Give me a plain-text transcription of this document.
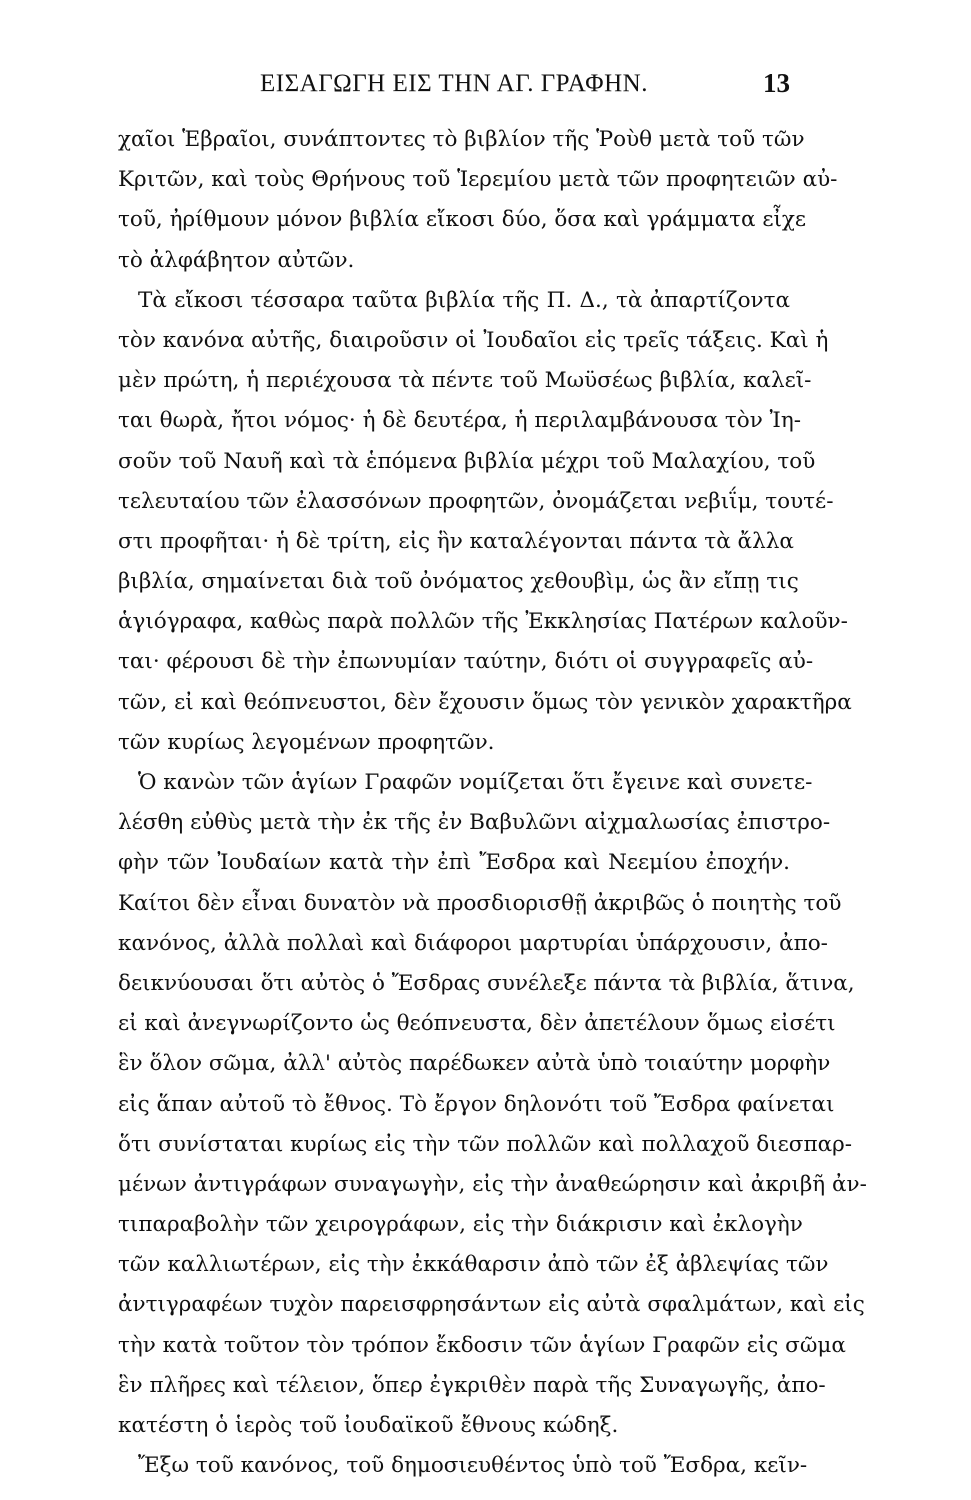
ΕΙΣΑΓΩΓΗ ΕΙΣ ΤΗΝ ΑΓ. ΓΡΑΦΗΝ.	13
χαῖοι Ἑβραῖοι, συνάπτοντες τὸ βιβλίον τῆς Ῥοὺθ μετὰ τοῦ τῶν
Κριτῶν, καὶ τοὺς Θρήνους τοῦ Ἱερεμίου μετὰ τῶν προφητειῶν αὐ-
τοῦ, ἠρίθμουν μόνον βιβλία εἴκοσι δύο, ὅσα καὶ γράμματα εἶχε
τὸ ἀλφάβητον αὐτῶν.
Τὰ εἴκοσι τέσσαρα ταῦτα βιβλία τῆς Π. Δ., τὰ ἀπαρτίζοντα
τὸν κανόνα αὐτῆς, διαιροῦσιν οἱ Ἰουδαῖοι εἰς τρεῖς τάξεις. Καὶ ἡ
μὲν πρώτη, ἡ περιέχουσα τὰ πέντε τοῦ Μωϋσέως βιβλία, καλεῖ-
ται θωρὰ, ἤτοι νόμος· ἡ δὲ δευτέρα, ἡ περιλαμβάνουσα τὸν Ἰη-
σοῦν τοῦ Ναυῆ καὶ τὰ ἑπόμενα βιβλία μέχρι τοῦ Μαλαχίου, τοῦ
τελευταίου τῶν ἐλασσόνων προφητῶν, ὀνομάζεται νεβιΐμ, τουτέ-
στι προφῆται· ἡ δὲ τρίτη, εἰς ἣν καταλέγονται πάντα τὰ ἄλλα
βιβλία, σημαίνεται διὰ τοῦ ὀνόματος χεθουβὶμ, ὡς ἂν εἴπῃ τις
ἁγιόγραφα, καθὼς παρὰ πολλῶν τῆς Ἐκκλησίας Πατέρων καλοῦν-
ται· φέρουσι δὲ τὴν ἐπωνυμίαν ταύτην, διότι οἱ συγγραφεῖς αὐ-
τῶν, εἰ καὶ θεόπνευστοι, δὲν ἔχουσιν ὅμως τὸν γενικὸν χαρακτῆρα
τῶν κυρίως λεγομένων προφητῶν.
Ὁ κανὼν τῶν ἁγίων Γραφῶν νομίζεται ὅτι ἔγεινε καὶ συνετε-
λέσθη εὐθὺς μετὰ τὴν ἐκ τῆς ἐν Βαβυλῶνι αἰχμαλωσίας ἐπιστρο-
φὴν τῶν Ἰουδαίων κατὰ τὴν ἐπὶ Ἔσδρα καὶ Νεεμίου ἐποχήν.
Καίτοι δὲν εἶναι δυνατὸν νὰ προσδιορισθῇ ἀκριβῶς ὁ ποιητὴς τοῦ
κανόνος, ἀλλὰ πολλαὶ καὶ διάφοροι μαρτυρίαι ὑπάρχουσιν, ἀπο-
δεικνύουσαι ὅτι αὐτὸς ὁ Ἔσδρας συνέλεξε πάντα τὰ βιβλία, ἅτινα,
εἰ καὶ ἀνεγνωρίζοντο ὡς θεόπνευστα, δὲν ἀπετέλουν ὅμως εἰσέτι
ἓν ὅλον σῶμα, ἀλλ' αὐτὸς παρέδωκεν αὐτὰ ὑπὸ τοιαύτην μορφὴν
εἰς ἅπαν αὐτοῦ τὸ ἔθνος. Τὸ ἔργον δηλονότι τοῦ Ἔσδρα φαίνεται
ὅτι συνίσταται κυρίως εἰς τὴν τῶν πολλῶν καὶ πολλαχοῦ διεσπαρ-
μένων ἀντιγράφων συναγωγὴν, εἰς τὴν ἀναθεώρησιν καὶ ἀκριβῆ ἀν-
τιπαραβολὴν τῶν χειρογράφων, εἰς τὴν διάκρισιν καὶ ἐκλογὴν
τῶν καλλιωτέρων, εἰς τὴν ἐκκάθαρσιν ἀπὸ τῶν ἐξ ἀβλεψίας τῶν
ἀντιγραφέων τυχὸν παρεισφρησάντων εἰς αὐτὰ σφαλμάτων, καὶ εἰς
τὴν κατὰ τοῦτον τὸν τρόπον ἔκδοσιν τῶν ἁγίων Γραφῶν εἰς σῶμα
ἓν πλῆρες καὶ τέλειον, ὅπερ ἐγκριθὲν παρὰ τῆς Συναγωγῆς, ἀπο-
κατέστη ὁ ἱερὸς τοῦ ἰουδαϊκοῦ ἔθνους κώδηξ.
Ἔξω τοῦ κανόνος, τοῦ δημοσιευθέντος ὑπὸ τοῦ Ἔσδρα, κεῖν-
